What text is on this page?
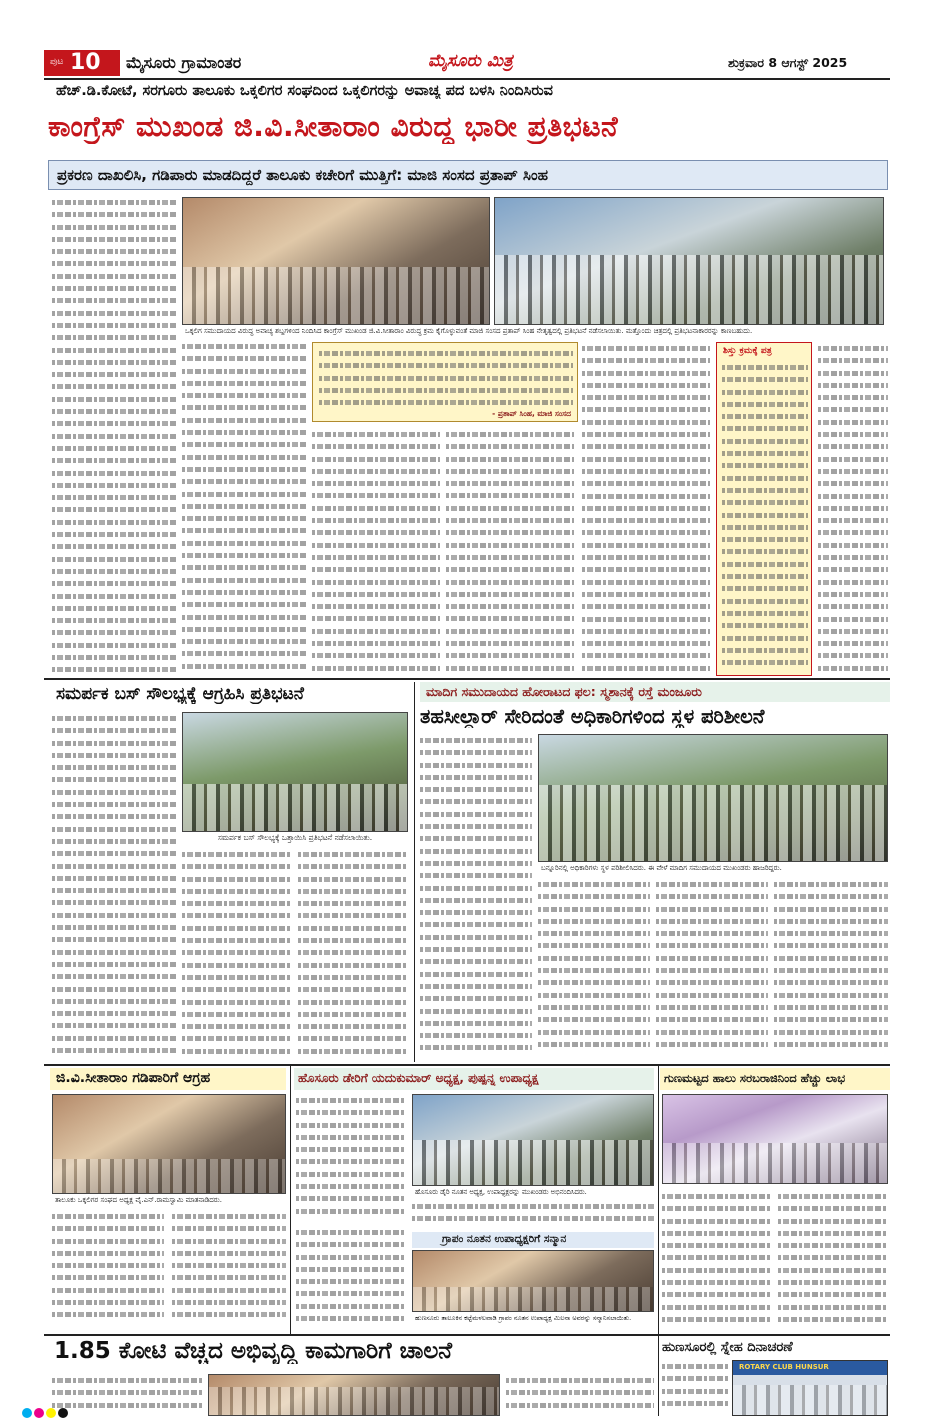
ಪುಟ 10 ಮೈಸೂರು ಗ್ರಾಮಾಂತರ	ಮೈಸೂರು ಮಿತ್ರ	ಶುಕ್ರವಾರ 8 ಆಗಸ್ಟ್ 2025
ಹೆಚ್.ಡಿ.ಕೋಟೆ, ಸರಗೂರು ತಾಲೂಕು ಒಕ್ಕಲಿಗರ ಸಂಘದಿಂದ ಒಕ್ಕಲಿಗರನ್ನು ಅವಾಚ್ಯ ಪದ ಬಳಸಿ ನಿಂದಿಸಿರುವ
ಕಾಂಗ್ರೆಸ್ ಮುಖಂಡ ಜಿ.ವಿ.ಸೀತಾರಾಂ ವಿರುದ್ಧ ಭಾರೀ ಪ್ರತಿಭಟನೆ
ಪ್ರಕರಣ ದಾಖಲಿಸಿ, ಗಡಿಪಾರು ಮಾಡದಿದ್ದರೆ ತಾಲೂಕು ಕಚೇರಿಗೆ ಮುತ್ತಿಗೆ: ಮಾಜಿ ಸಂಸದ ಪ್ರತಾಪ್ ಸಿಂಹ
ಒಕ್ಕಲಿಗ ಸಮುದಾಯದ ವಿರುದ್ಧ ಅವಾಚ್ಯ ಶಬ್ದಗಳಿಂದ ನಿಂದಿಸಿದ ಕಾಂಗ್ರೆಸ್ ಮುಖಂಡ ಜಿ.ವಿ.ಸೀತಾರಾಂ ವಿರುದ್ಧ ಕ್ರಮ ಕೈಗೊಳ್ಳುವಂತೆ ಮಾಜಿ ಸಂಸದ ಪ್ರತಾಪ್ ಸಿಂಹ ನೇತೃತ್ವದಲ್ಲಿ ಪ್ರತಿಭಟನೆ ನಡೆಸಲಾಯಿತು. ಮತ್ತೊಂದು ಚಿತ್ರದಲ್ಲಿ ಪ್ರತಿಭಟನಾಕಾರರನ್ನು ಕಾಣಬಹುದು.
- ಪ್ರತಾಪ್ ಸಿಂಹ, ಮಾಜಿ ಸಂಸದ
ಶಿಸ್ತು ಕ್ರಮಕ್ಕೆ ಪತ್ರ
ಸಮರ್ಪಕ ಬಸ್ ಸೌಲಭ್ಯಕ್ಕೆ ಆಗ್ರಹಿಸಿ ಪ್ರತಿಭಟನೆ
ಸಮರ್ಪಕ ಬಸ್ ಸೌಲಭ್ಯಕ್ಕೆ ಒತ್ತಾಯಿಸಿ ಪ್ರತಿಭಟನೆ ನಡೆಸಲಾಯಿತು.
ಮಾದಿಗ ಸಮುದಾಯದ ಹೋರಾಟದ ಫಲ: ಸ್ಮಶಾನಕ್ಕೆ ರಸ್ತೆ ಮಂಜೂರು
ತಹಸೀಲ್ದಾರ್ ಸೇರಿದಂತೆ ಅಧಿಕಾರಿಗಳಿಂದ ಸ್ಥಳ ಪರಿಶೀಲನೆ
ಬನ್ನೂರಿನಲ್ಲಿ ಅಧಿಕಾರಿಗಳು ಸ್ಥಳ ಪರಿಶೀಲಿಸಿದರು. ಈ ವೇಳೆ ಮಾದಿಗ ಸಮುದಾಯದ ಮುಖಂಡರು ಹಾಜರಿದ್ದರು.
ಜಿ.ವಿ.ಸೀತಾರಾಂ ಗಡಿಪಾರಿಗೆ ಆಗ್ರಹ
ತಾಲೂಕು ಒಕ್ಕಲಿಗರ ಸಂಘದ ಅಧ್ಯಕ್ಷ ವೈ.ಎನ್.ರಾಮಸ್ವಾಮಿ ಮಾತನಾಡಿದರು.
ಹೊಸೂರು ಡೇರಿಗೆ ಯದುಕುಮಾರ್ ಅಧ್ಯಕ್ಷ, ಪುಷ್ಪನ್ನ ಉಪಾಧ್ಯಕ್ಷ
ಹೊಸೂರು ಡೈರಿ ನೂತನ ಅಧ್ಯಕ್ಷ, ಉಪಾಧ್ಯಕ್ಷರನ್ನು ಮುಖಂಡರು ಅಭಿನಂದಿಸಿದರು.
ಗ್ರಾಪಂ ನೂತನ ಉಪಾಧ್ಯಕ್ಷರಿಗೆ ಸನ್ಮಾನ
ಹುಣಸೂರು ತಾಲೂಕಿನ ಕಟ್ಟೆಮಳಲವಾಡಿ ಗ್ರಾಪಂ ನೂತನ ಉಪಾಧ್ಯಕ್ಷ ಮಿಲನಾ ಅವರನ್ನು ಸನ್ಮಾನಿಸಲಾಯಿತು.
ಗುಣಮಟ್ಟದ ಹಾಲು ಸರಬರಾಜಿನಿಂದ ಹೆಚ್ಚು ಲಾಭ
1.85 ಕೋಟಿ ವೆಚ್ಚದ ಅಭಿವೃದ್ಧಿ ಕಾಮಗಾರಿಗೆ ಚಾಲನೆ	ಹುಣಸೂರಲ್ಲಿ ಸ್ನೇಹ ದಿನಾಚರಣೆ
ROTARY CLUB HUNSUR
